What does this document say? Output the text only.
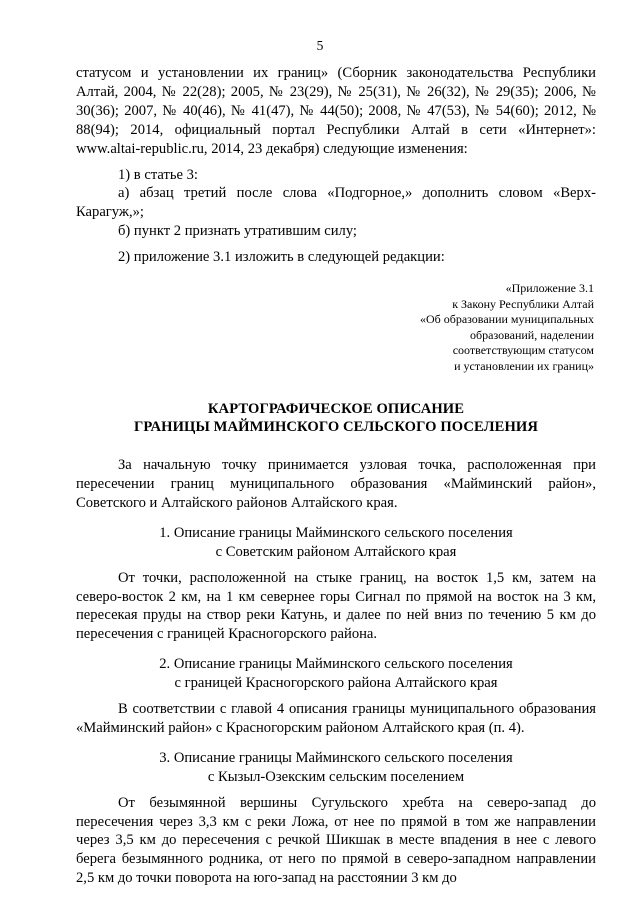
5

статусом и установлении их границ» (Сборник законодательства Республики Алтай, 2004, № 22(28); 2005, № 23(29), № 25(31), № 26(32), № 29(35); 2006, № 30(36); 2007, № 40(46), № 41(47), № 44(50); 2008, № 47(53), № 54(60); 2012, № 88(94); 2014, официальный портал Республики Алтай в сети «Интернет»: www.altai-republic.ru, 2014, 23 декабря) следующие изменения:

1) в статье 3:

а) абзац третий после слова «Подгорное,» дополнить словом «Верх-Карагуж,»;

б) пункт 2 признать утратившим силу;

2) приложение 3.1 изложить в следующей редакции:

«Приложение 3.1
к Закону Республики Алтай
«Об образовании муниципальных
образований, наделении
соответствующим статусом
и установлении их границ»
КАРТОГРАФИЧЕСКОЕ ОПИСАНИЕ
ГРАНИЦЫ МАЙМИНСКОГО СЕЛЬСКОГО ПОСЕЛЕНИЯ

За начальную точку принимается узловая точка, расположенная при пересечении границ муниципального образования «Майминский район», Советского и Алтайского районов Алтайского края.

1. Описание границы Майминского сельского поселения
с Советским районом Алтайского края

От точки, расположенной на стыке границ, на восток 1,5 км, затем на северо-восток 2 км, на 1 км севернее горы Сигнал по прямой на восток на 3 км, пересекая пруды на створ реки Катунь, и далее по ней вниз по течению 5 км до пересечения с границей Красногорского района.

2. Описание границы Майминского сельского поселения
с границей Красногорского района Алтайского края

В соответствии с главой 4 описания границы муниципального образования «Майминский район» с Красногорским районом Алтайского края (п. 4).

3. Описание границы Майминского сельского поселения
с Кызыл-Озекским сельским поселением

От безымянной вершины Сугульского хребта на северо-запад до пересечения через 3,3 км с реки Ложа, от нее по прямой в том же направлении через 3,5 км до пересечения с речкой Шикшак в месте впадения в нее с левого берега безымянного родника, от него по прямой в северо-западном направлении 2,5 км до точки поворота на юго-запад на расстоянии 3 км до
